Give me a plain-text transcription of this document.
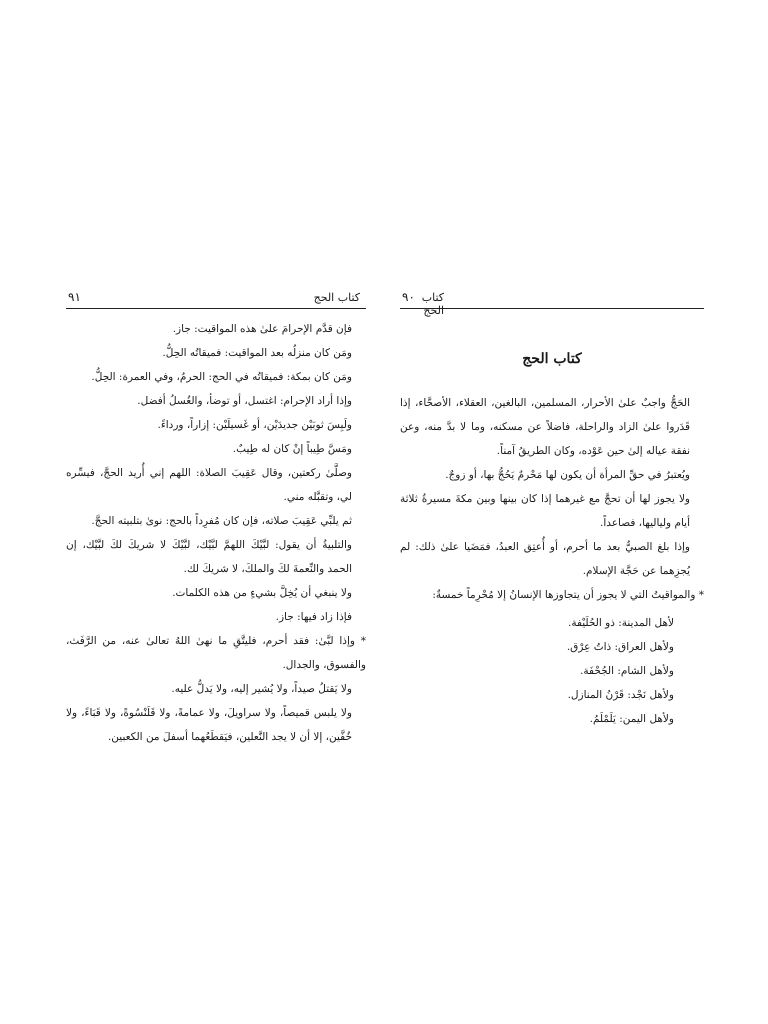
كتاب الحج
٩١

فإن قدَّم الإحرامَ علىٰ هذه المواقيت: جاز.

ومَن كان منزلُه بعد المواقيت: فميقاتُه الحِلُّ.

ومَن كان بمكة: فميقاتُه في الحج: الحرمُ، وفي العمرة: الحِلُّ.

وإذا أراد الإحرام: اغتسل، أو توضأ، والغُسلُ أفضل.

ولَبِسَ ثوبَيْن جديدَيْن، أو غَسيلَيْن: إزاراً، ورداءً.

ومَسَّ طِيباً إنْ كان له طِيبٌ.

وصلَّىٰ ركعتين، وقال عَقِيبَ الصلاة: اللهم إني أُريد الحجَّ، فيسِّره لي، وتقبَّله مني.

ثم يلبِّي عَقِيبَ صلاته، فإن كان مُفرِداً بالحج: نوىٰ بتلبيته الحجَّ.

والتلبيةُ أن يقول: لبَّيْكَ اللهمَّ لبَّيْك، لبَّيْكَ لا شريكَ لكَ لبَّيْك، إن الحمد والنِّعمةَ لكَ والملكَ، لا شريكَ لك.

ولا ينبغي أن يُخِلَّ بشيءٍ من هذه الكلمات.

فإذا زاد فيها: جاز.

* وإذا لبَّىٰ: فقد أحرم، فليتَّقِ ما نهىٰ اللهُ تعالىٰ عنه، من الرَّفَث، والفسوق، والجدال.

ولا يَقتلُ صيداً، ولا يُشير إليه، ولا يَدلُّ عليه.

ولا يلبس قميصاً، ولا سراويلَ، ولا عمامةً، ولا قَلَنْسُوةً، ولا قَبَاءً، ولا خُفَّين، إلا أن لا يجد النَّعلين، فيَقطَعُهما أسفلَ من الكعبين.

كتاب الحج
٩٠
كتاب الحج

الحَجُّ واجبٌ علىٰ الأحرار، المسلمين، البالغين، العقلاء، الأصحَّاء، إذا قَدَروا علىٰ الزاد والراحلة، فاضلاً عن مسكنه، وما لا بدَّ منه، وعن نفقة عياله إلىٰ حين عَوْده، وكان الطريقُ آمناً.

ويُعتبرُ في حقِّ المرأة أن يكون لها مَحْرمٌ يَحُجُّ بها، أو زوجٌ.

ولا يجوز لها أن تحجَّ مع غيرهما إذا كان بينها وبين مكةَ مسيرةُ ثلاثة أيام ولياليها، فصاعداً.

وإذا بلغ الصبيُّ بعد ما أحرم، أو أُعتِق العبدُ، فمَضَيا علىٰ ذلك: لم يُجزِهما عن حَجَّة الإسلام.

* والمواقيتُ التي لا يجوز أن يتجاوزها الإنسانُ إلا مُحْرِماً خمسةٌ:

لأهل المدينة: ذو الحُلَيْفة.

ولأهل العراق: ذاتُ عِرْق.

ولأهل الشام: الجُحْفَة.

ولأهل نَجْد: قَرْنُ المنازل.

ولأهل اليمن: يَلَمْلَمُ.
